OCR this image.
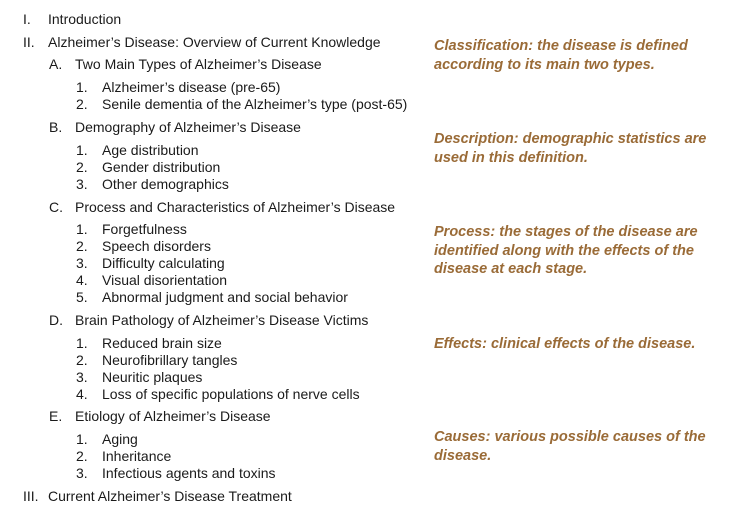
I. Introduction
II. Alzheimer’s Disease: Overview of Current Knowledge
A. Two Main Types of Alzheimer’s Disease
1. Alzheimer’s disease (pre-65)
2. Senile dementia of the Alzheimer’s type (post-65)
B. Demography of Alzheimer’s Disease
1. Age distribution
2. Gender distribution
3. Other demographics
C. Process and Characteristics of Alzheimer’s Disease
1. Forgetfulness
2. Speech disorders
3. Difficulty calculating
4. Visual disorientation
5. Abnormal judgment and social behavior
D. Brain Pathology of Alzheimer’s Disease Victims
1. Reduced brain size
2. Neurofibrillary tangles
3. Neuritic plaques
4. Loss of specific populations of nerve cells
E. Etiology of Alzheimer’s Disease
1. Aging
2. Inheritance
3. Infectious agents and toxins
III. Current Alzheimer’s Disease Treatment
Classification: the disease is defined according to its main two types.
Description: demographic statistics are used in this definition.
Process: the stages of the disease are identified along with the effects of the disease at each stage.
Effects: clinical effects of the disease.
Causes: various possible causes of the disease.
